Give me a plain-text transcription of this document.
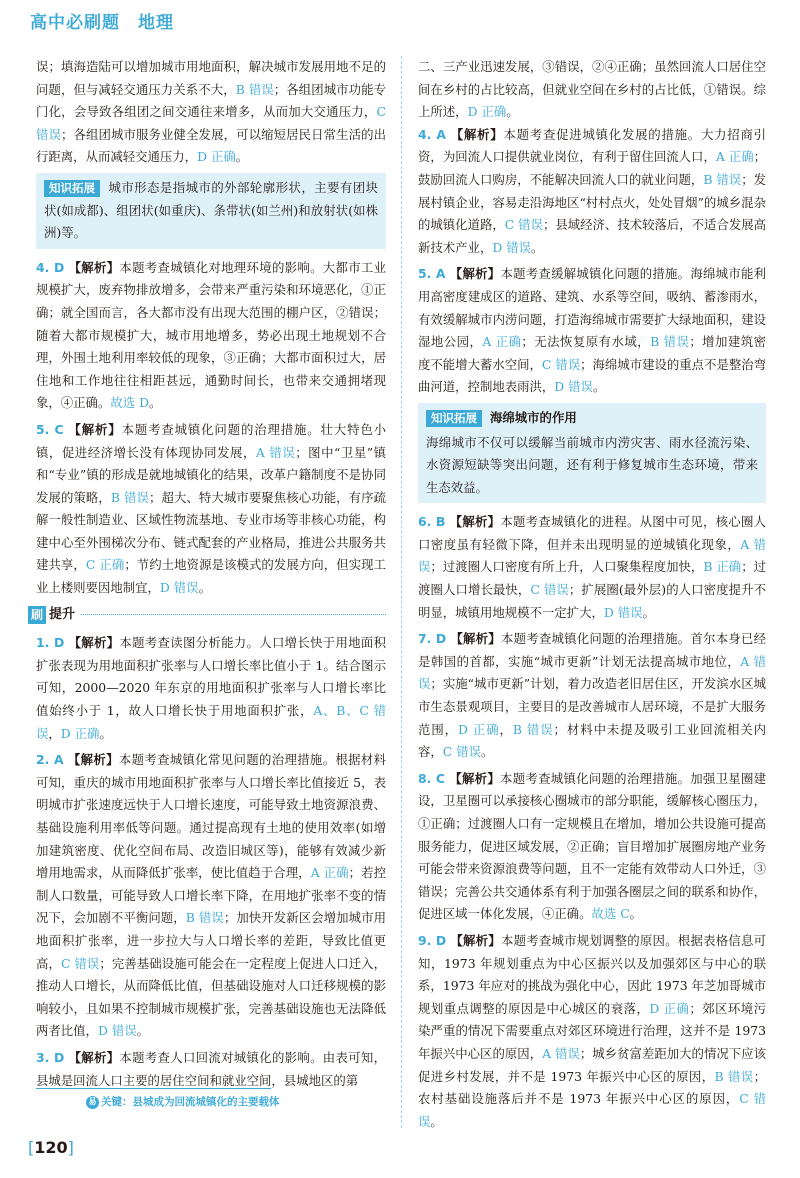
高中必刷题　地理

误；填海造陆可以增加城市用地面积，解决城市发展用地不足的问题，但与减轻交通压力关系不大，B 错误；各组团城市功能专门化，会导致各组团之间交通往来增多，从而加大交通压力，C 错误；各组团城市服务业健全发展，可以缩短居民日常生活的出行距离，从而减轻交通压力，D 正确。

知识拓展 城市形态是指城市的外部轮廓形状，主要有团块状(如成都)、组团状(如重庆)、条带状(如兰州)和放射状(如株洲)等。
4. D 【解析】本题考查城镇化对地理环境的影响。大都市工业规模扩大，废弃物排放增多，会带来严重污染和环境恶化，①正确；就全国而言，各大都市没有出现大范围的棚户区，②错误；随着大都市规模扩大，城市用地增多，势必出现土地规划不合理，外围土地利用率较低的现象，③正确；大都市面积过大，居住地和工作地往往相距甚远，通勤时间长，也带来交通拥堵现象，④正确。故选 D。
5. C 【解析】本题考查城镇化问题的治理措施。壮大特色小镇，促进经济增长没有体现协同发展，A 错误；图中“卫星”镇和“专业”镇的形成是就地城镇化的结果，改革户籍制度不是协同发展的策略，B 错误；超大、特大城市要聚焦核心功能，有序疏解一般性制造业、区域性物流基地、专业市场等非核心功能，构建中心至外围梯次分布、链式配套的产业格局，推进公共服务共建共享，C 正确；节约土地资源是该模式的发展方向，但实现工业上楼则要因地制宜，D 错误。
刷 提升
1. D 【解析】本题考查读图分析能力。人口增长快于用地面积扩张表现为用地面积扩张率与人口增长率比值小于 1。结合图示可知，2000—2020 年东京的用地面积扩张率与人口增长率比值始终小于 1，故人口增长快于用地面积扩张，A、B、C 错误，D 正确。
2. A 【解析】本题考查城镇化常见问题的治理措施。根据材料可知，重庆的城市用地面积扩张率与人口增长率比值接近 5，表明城市扩张速度远快于人口增长速度，可能导致土地资源浪费、基础设施利用率低等问题。通过提高现有土地的使用效率(如增加建筑密度、优化空间布局、改造旧城区等)，能够有效减少新增用地需求，从而降低扩张率，使比值趋于合理，A 正确；若控制人口数量，可能导致人口增长率下降，在用地扩张率不变的情况下，会加剧不平衡问题，B 错误；加快开发新区会增加城市用地面积扩张率，进一步拉大与人口增长率的差距，导致比值更高，C 错误；完善基础设施可能会在一定程度上促进人口迁入，推动人口增长，从而降低比值，但基础设施对人口迁移规模的影响较小，且如果不控制城市规模扩张，完善基础设施也无法降低两者比值，D 错误。
3. D 【解析】本题考查人口回流对城镇化的影响。由表可知，县城是回流人口主要的居住空间和就业空间，县城地区的第
易 关键：县城成为回流城镇化的主要载体

二、三产业迅速发展，③错误，②④正确；虽然回流人口居住空间在乡村的占比较高，但就业空间在乡村的占比低，①错误。综上所述，D 正确。

4. A 【解析】本题考查促进城镇化发展的措施。大力招商引资，为回流人口提供就业岗位，有利于留住回流人口，A 正确；鼓励回流人口购房，不能解决回流人口的就业问题，B 错误；发展村镇企业，容易走沿海地区“村村点火，处处冒烟”的城乡混杂的城镇化道路，C 错误；县域经济、技术较落后，不适合发展高新技术产业，D 错误。
5. A 【解析】本题考查缓解城镇化问题的措施。海绵城市能利用高密度建成区的道路、建筑、水系等空间，吸纳、蓄渗雨水，有效缓解城市内涝问题，打造海绵城市需要扩大绿地面积，建设湿地公园，A 正确；无法恢复原有水域，B 错误；增加建筑密度不能增大蓄水空间，C 错误；海绵城市建设的重点不是整治弯曲河道，控制地表雨洪，D 错误。
知识拓展 海绵城市的作用
海绵城市不仅可以缓解当前城市内涝灾害、雨水径流污染、水资源短缺等突出问题，还有利于修复城市生态环境，带来生态效益。
6. B 【解析】本题考查城镇化的进程。从图中可见，核心圈人口密度虽有轻微下降，但并未出现明显的逆城镇化现象，A 错误；过渡圈人口密度有所上升，人口聚集程度加快，B 正确；过渡圈人口增长最快，C 错误；扩展圈(最外层)的人口密度提升不明显，城镇用地规模不一定扩大，D 错误。
7. D 【解析】本题考查城镇化问题的治理措施。首尔本身已经是韩国的首都，实施“城市更新”计划无法提高城市地位，A 错误；实施“城市更新”计划，着力改造老旧居住区，开发滨水区城市生态景观项目，主要目的是改善城市人居环境，不是扩大服务范围，D 正确，B 错误；材料中未提及吸引工业回流相关内容，C 错误。
8. C 【解析】本题考查城镇化问题的治理措施。加强卫星圈建设，卫星圈可以承接核心圈城市的部分职能，缓解核心圈压力，①正确；过渡圈人口有一定规模且在增加，增加公共设施可提高服务能力，促进区域发展，②正确；盲目增加扩展圈房地产业务可能会带来资源浪费等问题，且不一定能有效带动人口外迁，③错误；完善公共交通体系有利于加强各圈层之间的联系和协作，促进区域一体化发展，④正确。故选 C。
9. D 【解析】本题考查城市规划调整的原因。根据表格信息可知，1973 年规划重点为中心区振兴以及加强郊区与中心的联系，1973 年应对的挑战为强化中心，因此 1973 年芝加哥城市规划重点调整的原因是中心城区的衰落，D 正确；郊区环境污染严重的情况下需要重点对郊区环境进行治理，这并不是 1973 年振兴中心区的原因，A 错误；城乡贫富差距加大的情况下应该促进乡村发展，并不是 1973 年振兴中心区的原因，B 错误；农村基础设施落后并不是 1973 年振兴中心区的原因，C 错误。
[120]
